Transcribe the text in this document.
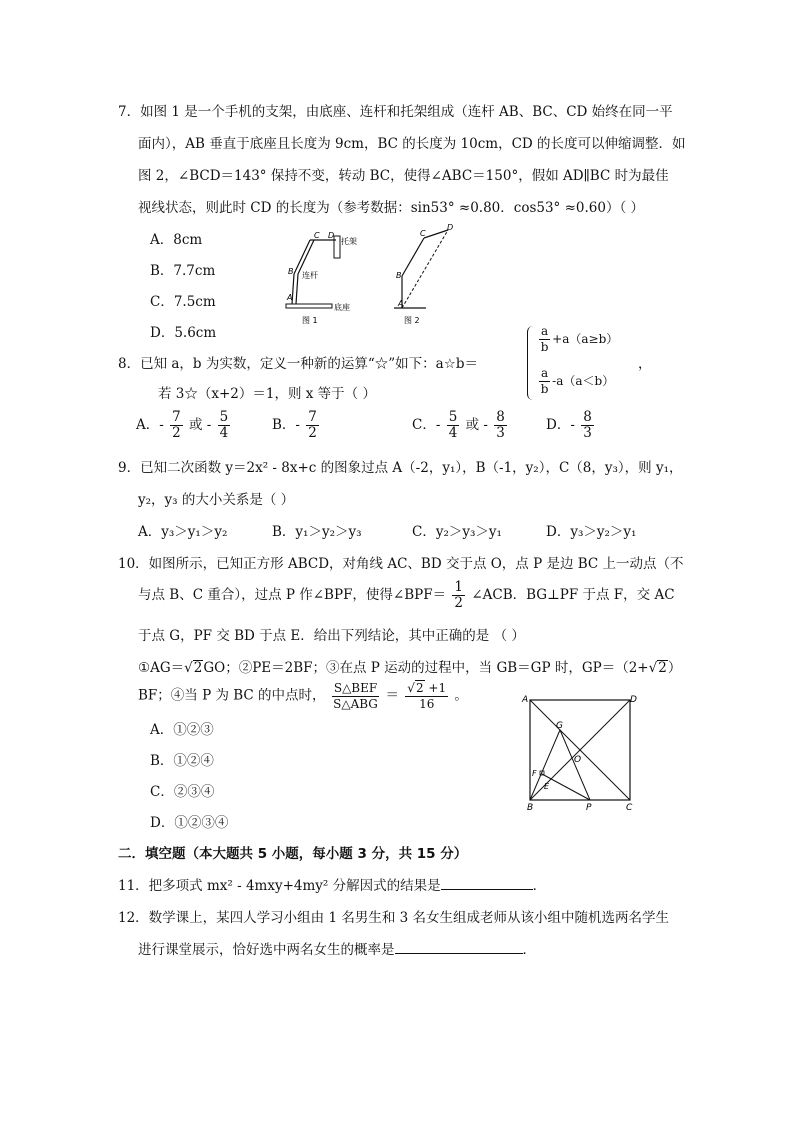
7．如图 1 是一个手机的支架，由底座、连杆和托架组成（连杆 AB、BC、CD 始终在同一平
面内），AB 垂直于底座且长度为 9cm，BC 的长度为 10cm，CD 的长度可以伸缩调整．如
图 2，∠BCD＝143° 保持不变，转动 BC，使得∠ABC＝150°，假如 AD∥BC 时为最佳
视线状态，则此时 CD 的长度为（参考数据：sin53° ≈0.80．cos53° ≈0.60）（ ）
A．8cm
B．7.7cm
C．7.5cm
D．5.6cm
C D
托架
B 连杆
A
底座
图 1
C
D
B
A
图 2
8．已知 a，b 为实数，定义一种新的运算“☆”如下：a☆b＝
$\frac{a}{b} +a(a\ge b)$
$\frac{a}{b} -a(a<b)$
，
若 3☆（x+2）＝1，则 x 等于（ ）
A．- $\frac{7}{2}$ 或 - $\frac{5}{4}$	B．- $\frac{7}{2}$	C．- $\frac{5}{4}$ 或 - $\frac{8}{3}$	D．- $\frac{8}{3}$
9．已知二次函数 y＝2x² - 8x+c 的图象过点 A（-2，y₁），B（-1，y₂），C（8，y₃），则 y₁，
y₂，y₃ 的大小关系是（ ）
A．y₃＞y₁＞y₂	B．y₁＞y₂＞y₃	C．y₂＞y₃＞y₁	D．y₃＞y₂＞y₁
10．如图所示，已知正方形 ABCD，对角线 AC、BD 交于点 O，点 P 是边 BC 上一动点（不
与点 B、C 重合），过点 P 作∠BPF，使得∠BPF＝ $\frac{1}{2}$ ∠ACB．BG⊥PF 于点 F，交 AC
于点 G，PF 交 BD 于点 E．给出下列结论，其中正确的是 （ ）
①AG＝√2GO；②PE＝2BF；③在点 P 运动的过程中，当 GB＝GP 时，GP＝（2+√2）
BF；④当 P 为 BC 的中点时， $\frac{\text{S△BEF}}{\text{S△ABG}} = \frac{√2 +1}{16}$ 。
A．①②③
B．①②④
C．②③④
D．①②③④
A	D
B	C
G
O
F
E
P
二．填空题（本大题共 5 小题，每小题 3 分，共 15 分）
11．把多项式 mx² - 4mxy+4my² 分解因式的结果是	．
12．数学课上，某四人学习小组由 1 名男生和 3 名女生组成老师从该小组中随机选两名学生
进行课堂展示，恰好选中两名女生的概率是	．
